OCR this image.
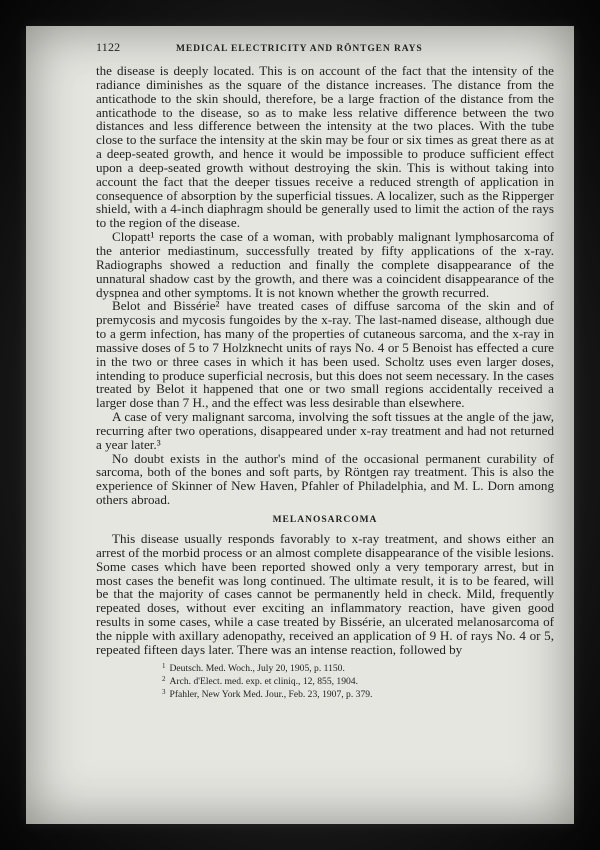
1122	MEDICAL ELECTRICITY AND RÖNTGEN RAYS

the disease is deeply located. This is on account of the fact that the intensity of the radiance diminishes as the square of the distance increases. The distance from the anticathode to the skin should, therefore, be a large fraction of the distance from the anticathode to the disease, so as to make less relative difference between the two distances and less difference between the intensity at the two places. With the tube close to the surface the intensity at the skin may be four or six times as great there as at a deep-seated growth, and hence it would be impossible to produce sufficient effect upon a deep-seated growth without destroying the skin. This is without taking into account the fact that the deeper tissues receive a reduced strength of application in consequence of absorption by the superficial tissues. A localizer, such as the Ripperger shield, with a 4-inch diaphragm should be generally used to limit the action of the rays to the region of the disease.

Clopatt¹ reports the case of a woman, with probably malignant lymphosarcoma of the anterior mediastinum, successfully treated by fifty applications of the x-ray. Radiographs showed a reduction and finally the complete disappearance of the unnatural shadow cast by the growth, and there was a coincident disappearance of the dyspnea and other symptoms. It is not known whether the growth recurred.

Belot and Bissérie² have treated cases of diffuse sarcoma of the skin and of premycosis and mycosis fungoides by the x-ray. The last-named disease, although due to a germ infection, has many of the properties of cutaneous sarcoma, and the x-ray in massive doses of 5 to 7 Holzknecht units of rays No. 4 or 5 Benoist has effected a cure in the two or three cases in which it has been used. Scholtz uses even larger doses, intending to produce superficial necrosis, but this does not seem necessary. In the cases treated by Belot it happened that one or two small regions accidentally received a larger dose than 7 H., and the effect was less desirable than elsewhere.

A case of very malignant sarcoma, involving the soft tissues at the angle of the jaw, recurring after two operations, disappeared under x-ray treatment and had not returned a year later.³

No doubt exists in the author's mind of the occasional permanent curability of sarcoma, both of the bones and soft parts, by Röntgen ray treatment. This is also the experience of Skinner of New Haven, Pfahler of Philadelphia, and M. L. Dorn among others abroad.

MELANOSARCOMA

This disease usually responds favorably to x-ray treatment, and shows either an arrest of the morbid process or an almost complete disappearance of the visible lesions. Some cases which have been reported showed only a very temporary arrest, but in most cases the benefit was long continued. The ultimate result, it is to be feared, will be that the majority of cases cannot be permanently held in check. Mild, frequently repeated doses, without ever exciting an inflammatory reaction, have given good results in some cases, while a case treated by Bissérie, an ulcerated melanosarcoma of the nipple with axillary adenopathy, received an application of 9 H. of rays No. 4 or 5, repeated fifteen days later. There was an intense reaction, followed by

$^1$ Deutsch. Med. Woch., July 20, 1905, p. 1150.
$^2$ Arch. d'Elect. med. exp. et cliniq., 12, 855, 1904.
$^3$ Pfahler, New York Med. Jour., Feb. 23, 1907, p. 379.
